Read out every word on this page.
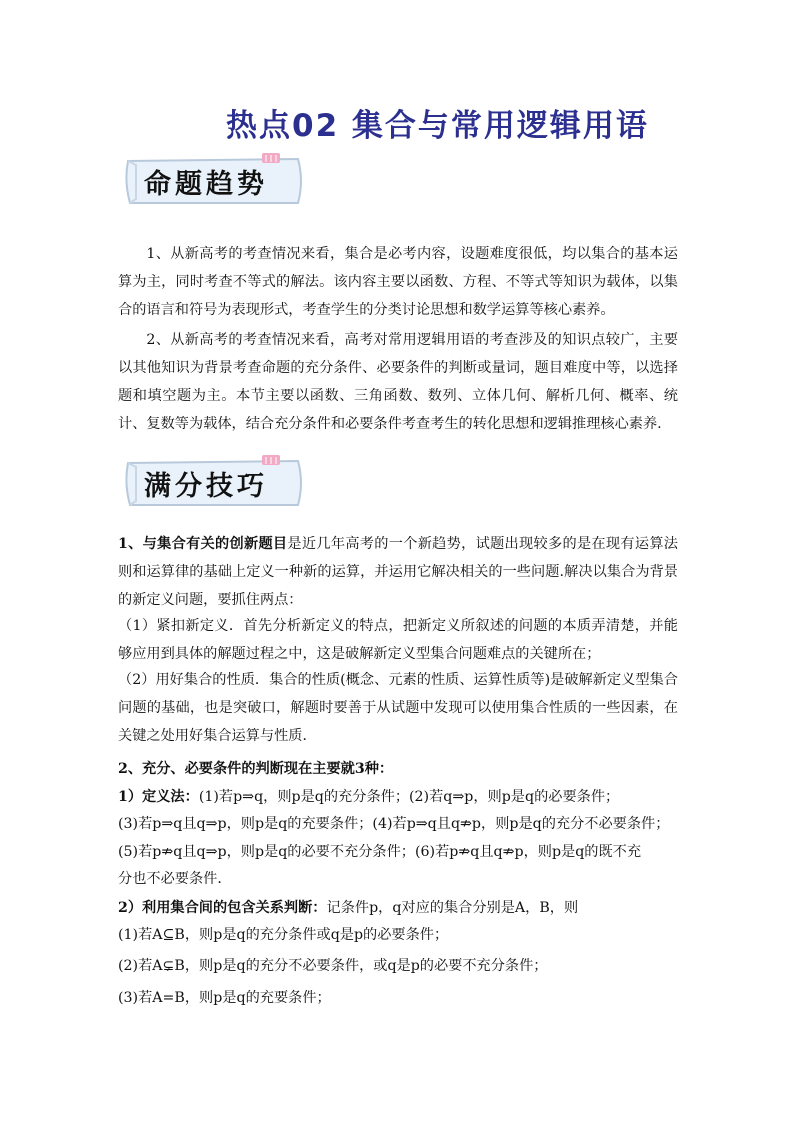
热点02 集合与常用逻辑用语
命题趋势

1、从新高考的考查情况来看，集合是必考内容，设题难度很低，均以集合的基本运算为主，同时考查不等式的解法。该内容主要以函数、方程、不等式等知识为载体，以集合的语言和符号为表现形式，考查学生的分类讨论思想和数学运算等核心素养。

2、从新高考的考查情况来看，高考对常用逻辑用语的考查涉及的知识点较广，主要以其他知识为背景考查命题的充分条件、必要条件的判断或量词，题目难度中等，以选择题和填空题为主。本节主要以函数、三角函数、数列、立体几何、解析几何、概率、统计、复数等为载体，结合充分条件和必要条件考查考生的转化思想和逻辑推理核心素养.

满分技巧

1、与集合有关的创新题目是近几年高考的一个新趋势，试题出现较多的是在现有运算法则和运算律的基础上定义一种新的运算，并运用它解决相关的一些问题.解决以集合为背景的新定义问题，要抓住两点：

（1）紧扣新定义．首先分析新定义的特点，把新定义所叙述的问题的本质弄清楚，并能够应用到具体的解题过程之中，这是破解新定义型集合问题难点的关键所在；

（2）用好集合的性质．集合的性质(概念、元素的性质、运算性质等)是破解新定义型集合问题的基础，也是突破口，解题时要善于从试题中发现可以使用集合性质的一些因素，在关键之处用好集合运算与性质．

2、充分、必要条件的判断现在主要就3种：

1）定义法：(1)若p⇒q，则p是q的充分条件；(2)若q⇒p，则p是q的必要条件；

(3)若p⇒q且q⇒p，则p是q的充要条件；(4)若p⇒q且q⇏p，则p是q的充分不必要条件；

(5)若p⇏q且q⇒p，则p是q的必要不充分条件；(6)若p⇏q且q⇏p，则p是q的既不充

分也不必要条件．

2）利用集合间的包含关系判断：记条件p，q对应的集合分别是A，B，则

(1)若A⊆B，则p是q的充分条件或q是p的必要条件；

(2)若A⊊B，则p是q的充分不必要条件，或q是p的必要不充分条件；

(3)若A=B，则p是q的充要条件；
